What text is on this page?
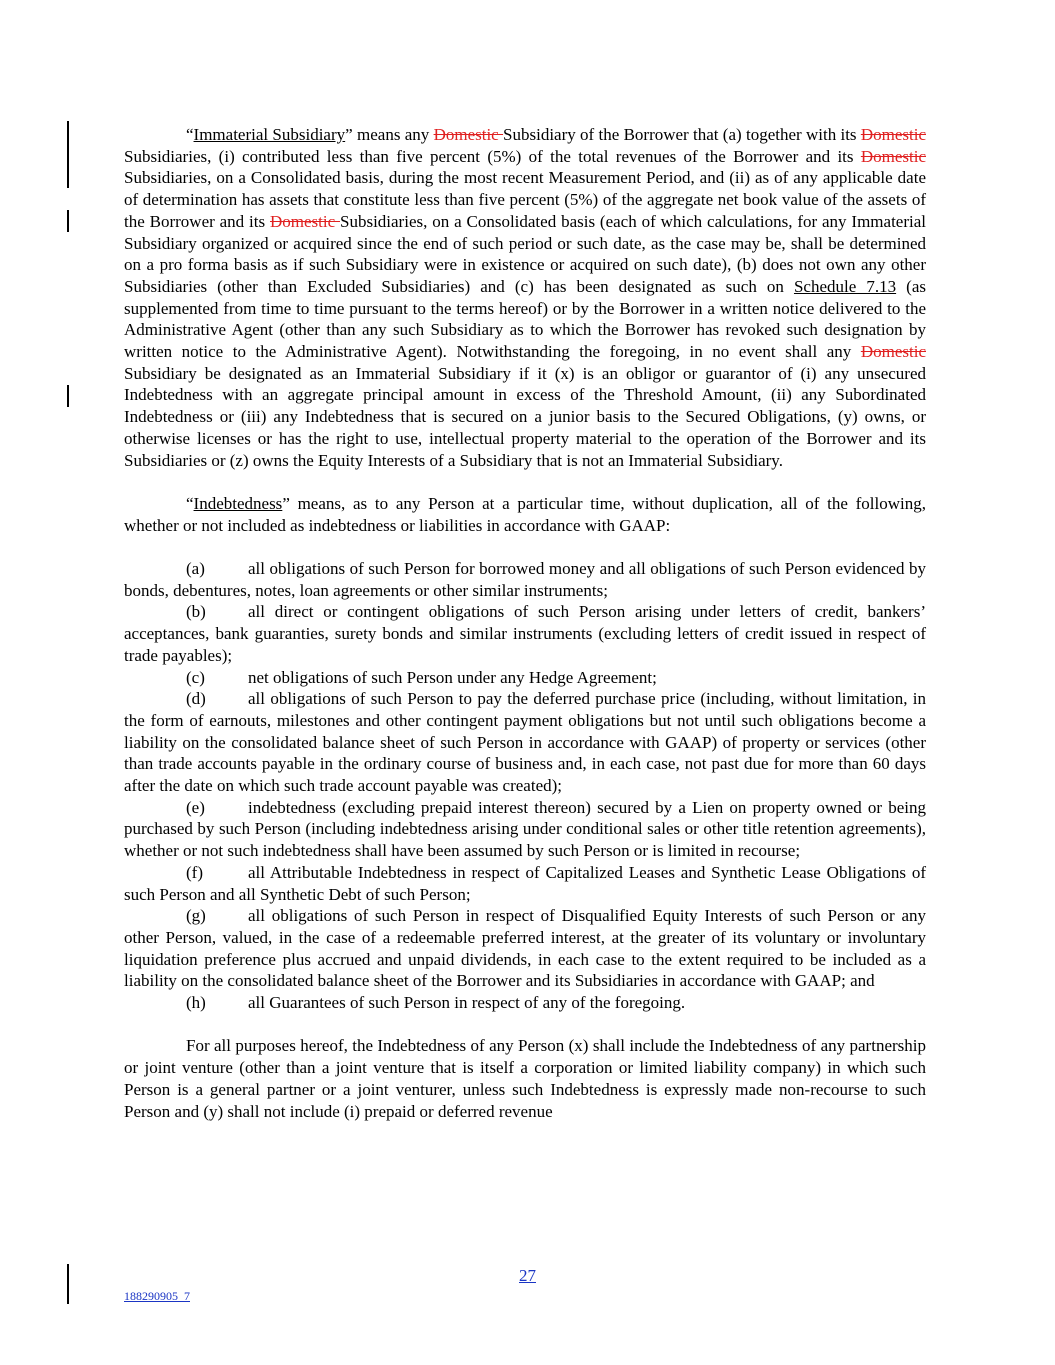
“Immaterial Subsidiary” means any Domestic Subsidiary of the Borrower that (a) together with its Domestic Subsidiaries, (i) contributed less than five percent (5%) of the total revenues of the Borrower and its Domestic Subsidiaries, on a Consolidated basis, during the most recent Measurement Period, and (ii) as of any applicable date of determination has assets that constitute less than five percent (5%) of the aggregate net book value of the assets of the Borrower and its Domestic Subsidiaries, on a Consolidated basis (each of which calculations, for any Immaterial Subsidiary organized or acquired since the end of such period or such date, as the case may be, shall be determined on a pro forma basis as if such Subsidiary were in existence or acquired on such date), (b) does not own any other Subsidiaries (other than Excluded Subsidiaries) and (c) has been designated as such on Schedule 7.13 (as supplemented from time to time pursuant to the terms hereof) or by the Borrower in a written notice delivered to the Administrative Agent (other than any such Subsidiary as to which the Borrower has revoked such designation by written notice to the Administrative Agent). Notwithstanding the foregoing, in no event shall any Domestic Subsidiary be designated as an Immaterial Subsidiary if it (x) is an obligor or guarantor of (i) any unsecured Indebtedness with an aggregate principal amount in excess of the Threshold Amount, (ii) any Subordinated Indebtedness or (iii) any Indebtedness that is secured on a junior basis to the Secured Obligations, (y) owns, or otherwise licenses or has the right to use, intellectual property material to the operation of the Borrower and its Subsidiaries or (z) owns the Equity Interests of a Subsidiary that is not an Immaterial Subsidiary.

“Indebtedness” means, as to any Person at a particular time, without duplication, all of the following, whether or not included as indebtedness or liabilities in accordance with GAAP:

(a)	all obligations of such Person for borrowed money and all obligations of such Person evidenced by bonds, debentures, notes, loan agreements or other similar instruments;

(b) all direct or contingent obligations of such Person arising under letters of credit, bankers’ acceptances, bank guaranties, surety bonds and similar instruments (excluding letters of credit issued in respect of trade payables);

(c)	net obligations of such Person under any Hedge Agreement;

(d) all obligations of such Person to pay the deferred purchase price (including, without limitation, in the form of earnouts, milestones and other contingent payment obligations but not until such obligations become a liability on the consolidated balance sheet of such Person in accordance with GAAP) of property or services (other than trade accounts payable in the ordinary course of business and, in each case, not past due for more than 60 days after the date on which such trade account payable was created);

(e)	indebtedness (excluding prepaid interest thereon) secured by a Lien on property owned or being purchased by such Person (including indebtedness arising under conditional sales or other title retention agreements), whether or not such indebtedness shall have been assumed by such Person or is limited in recourse;

(f)	all Attributable Indebtedness in respect of Capitalized Leases and Synthetic Lease Obligations of such Person and all Synthetic Debt of such Person;

(g) all obligations of such Person in respect of Disqualified Equity Interests of such Person or any other Person, valued, in the case of a redeemable preferred interest, at the greater of its voluntary or involuntary liquidation preference plus accrued and unpaid dividends, in each case to the extent required to be included as a liability on the consolidated balance sheet of the Borrower and its Subsidiaries in accordance with GAAP; and

(h) all Guarantees of such Person in respect of any of the foregoing.

For all purposes hereof, the Indebtedness of any Person (x) shall include the Indebtedness of any partnership or joint venture (other than a joint venture that is itself a corporation or limited liability company) in which such Person is a general partner or a joint venturer, unless such Indebtedness is expressly made non-recourse to such Person and (y) shall not include (i) prepaid or deferred revenue

27
188290905_7
